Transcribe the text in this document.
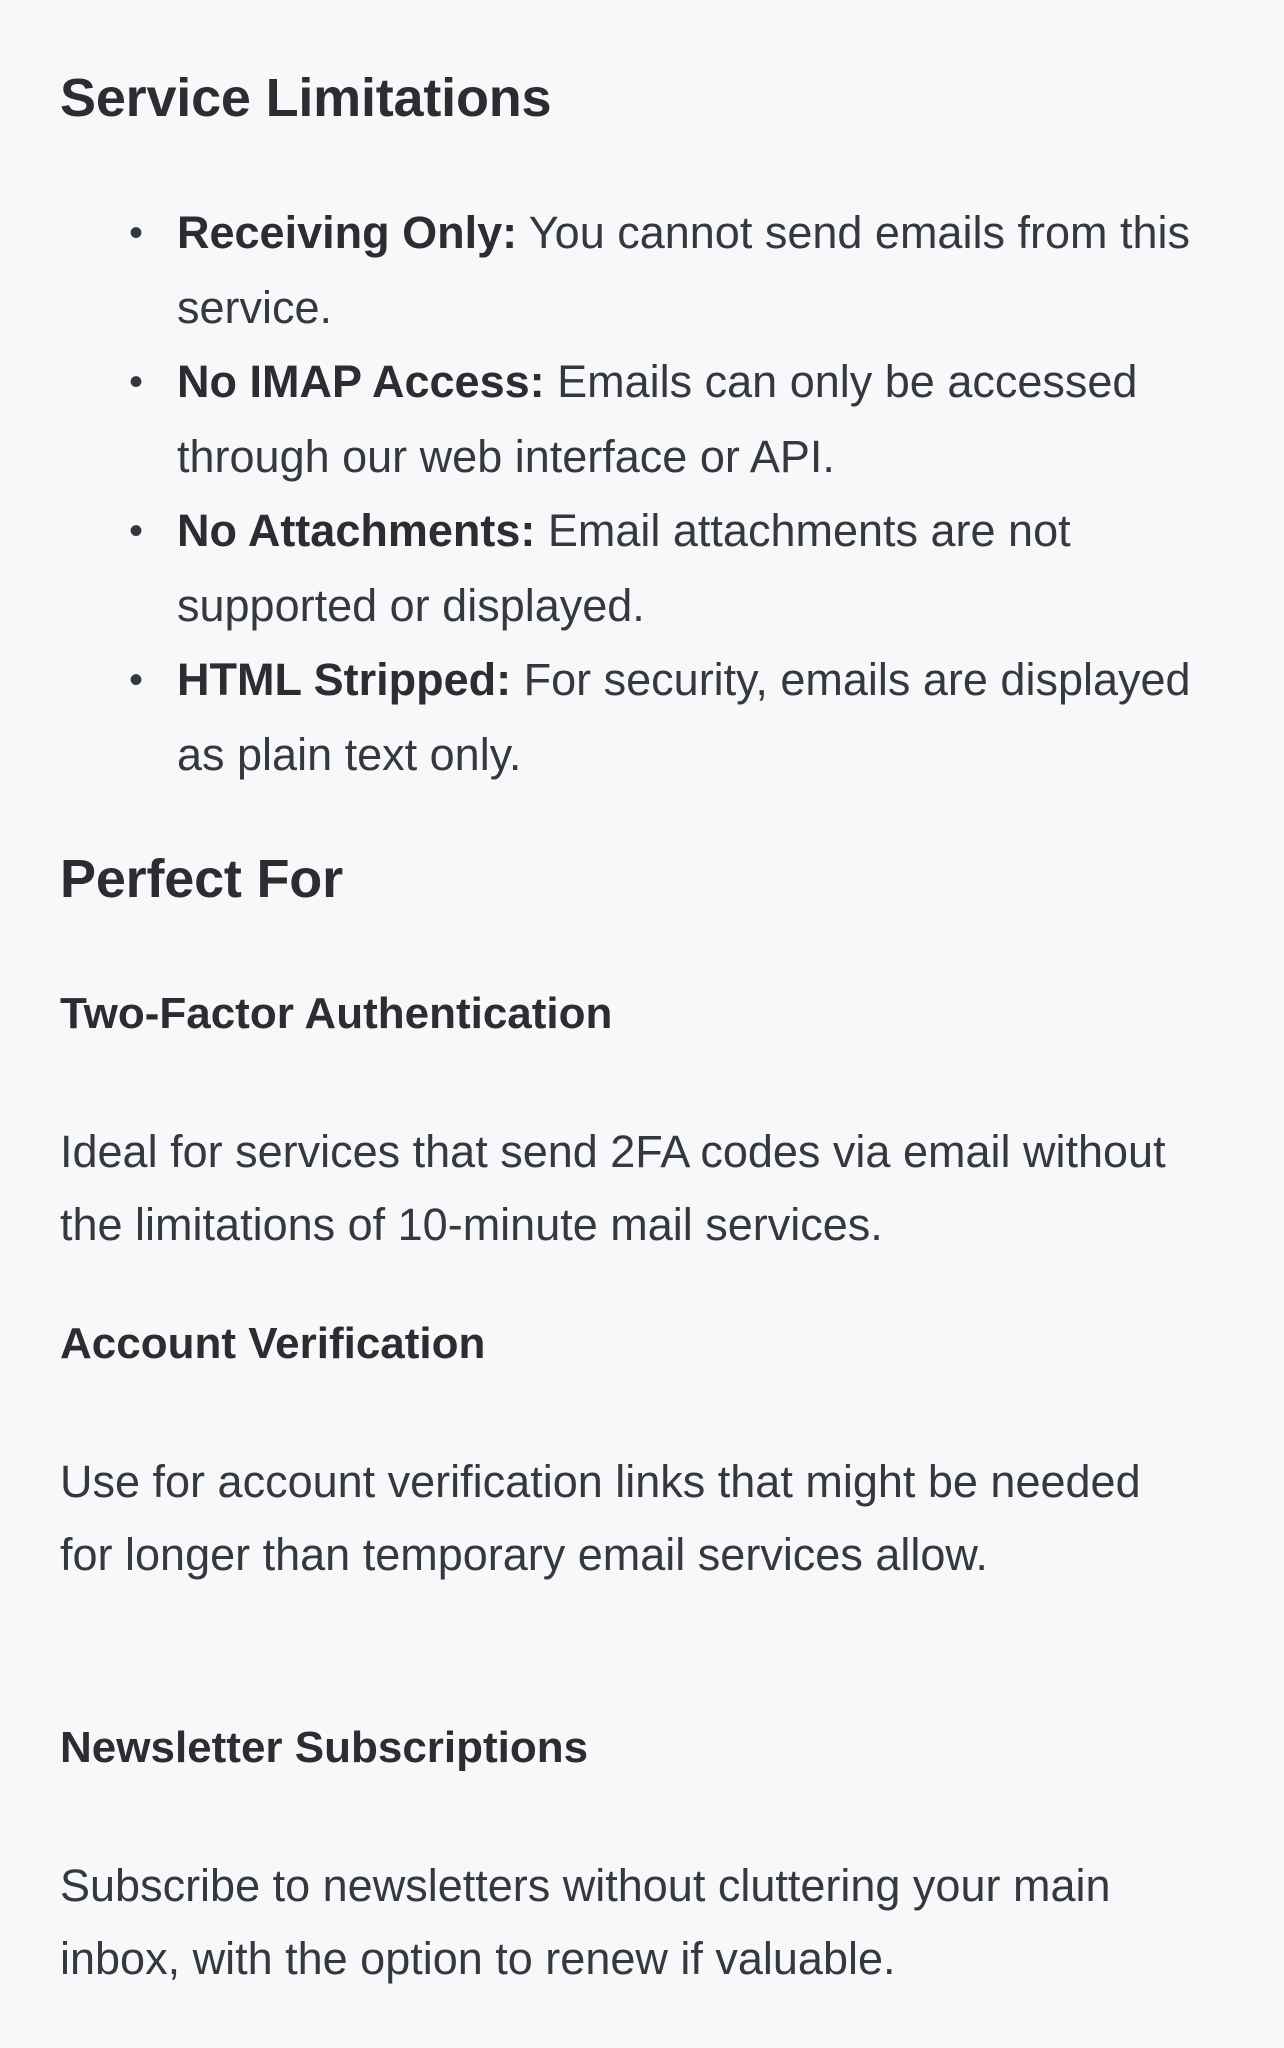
Service Limitations
• Receiving Only: You cannot send emails from this service.
• No IMAP Access: Emails can only be accessed through our web interface or API.
• No Attachments: Email attachments are not supported or displayed.
• HTML Stripped: For security, emails are displayed as plain text only.
Perfect For
Two-Factor Authentication

Ideal for services that send 2FA codes via email without the limitations of 10-minute mail services.

Account Verification

Use for account verification links that might be needed for longer than temporary email services allow.

Newsletter Subscriptions

Subscribe to newsletters without cluttering your main inbox, with the option to renew if valuable.
